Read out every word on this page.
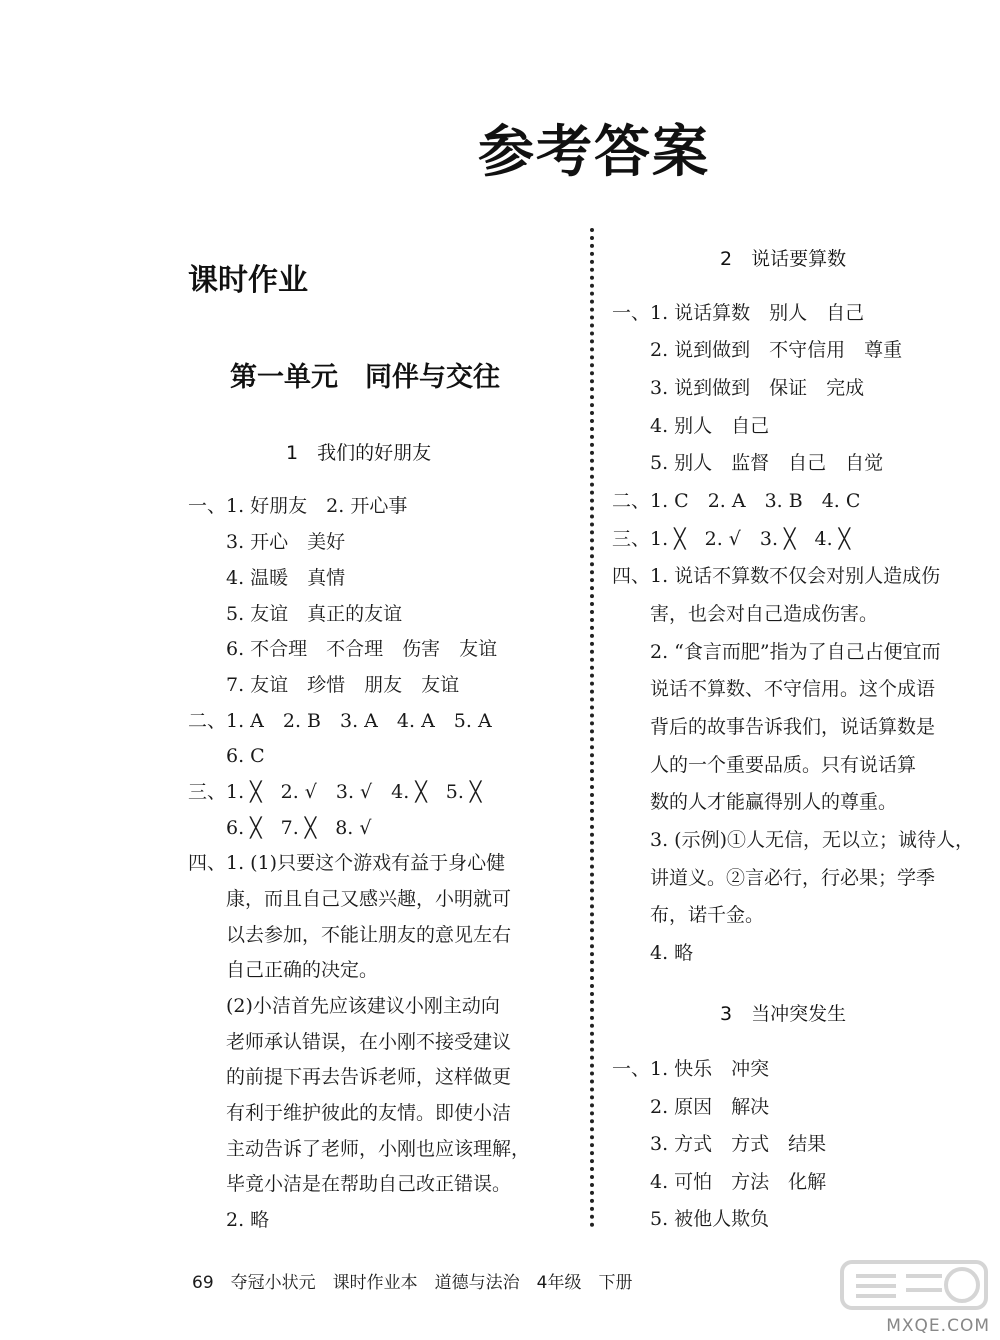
参考答案
课时作业
第一单元　同伴与交往
1　我们的好朋友
2　说话要算数
3　当冲突发生
一、1. 好朋友　2. 开心事
　　3. 开心　美好
　　4. 温暖　真情
　　5. 友谊　真正的友谊
　　6. 不合理　不合理　伤害　友谊
　　7. 友谊　珍惜　朋友　友谊
二、1. A　2. B　3. A　4. A　5. A
　　6. C
三、1. ╳　2. √　3. √　4. ╳　5. ╳
　　6. ╳　7. ╳　8. √
四、1. (1)只要这个游戏有益于身心健
　　康，而且自己又感兴趣，小明就可
　　以去参加，不能让朋友的意见左右
　　自己正确的决定。
　　(2)小洁首先应该建议小刚主动向
　　老师承认错误，在小刚不接受建议
　　的前提下再去告诉老师，这样做更
　　有利于维护彼此的友情。即使小洁
　　主动告诉了老师，小刚也应该理解，
　　毕竟小洁是在帮助自己改正错误。
　　2. 略
一、1. 说话算数　别人　自己
　　2. 说到做到　不守信用　尊重
　　3. 说到做到　保证　完成
　　4. 别人　自己
　　5. 别人　监督　自己　自觉
二、1. C　2. A　3. B　4. C
三、1. ╳　2. √　3. ╳　4. ╳
四、1. 说话不算数不仅会对别人造成伤
　　害，也会对自己造成伤害。
　　2. “食言而肥”指为了自己占便宜而
　　说话不算数、不守信用。这个成语
　　背后的故事告诉我们，说话算数是
　　人的一个重要品质。只有说话算
　　数的人才能赢得别人的尊重。
　　3. (示例)①人无信，无以立；诚待人，
　　讲道义。②言必行，行必果；学季
　　布，诺千金。
　　4. 略
一、1. 快乐　冲突
　　2. 原因　解决
　　3. 方式　方式　结果
　　4. 可怕　方法　化解
　　5. 被他人欺负
69　夺冠小状元　课时作业本　道德与法治　4年级　下册
MXQE.COM
